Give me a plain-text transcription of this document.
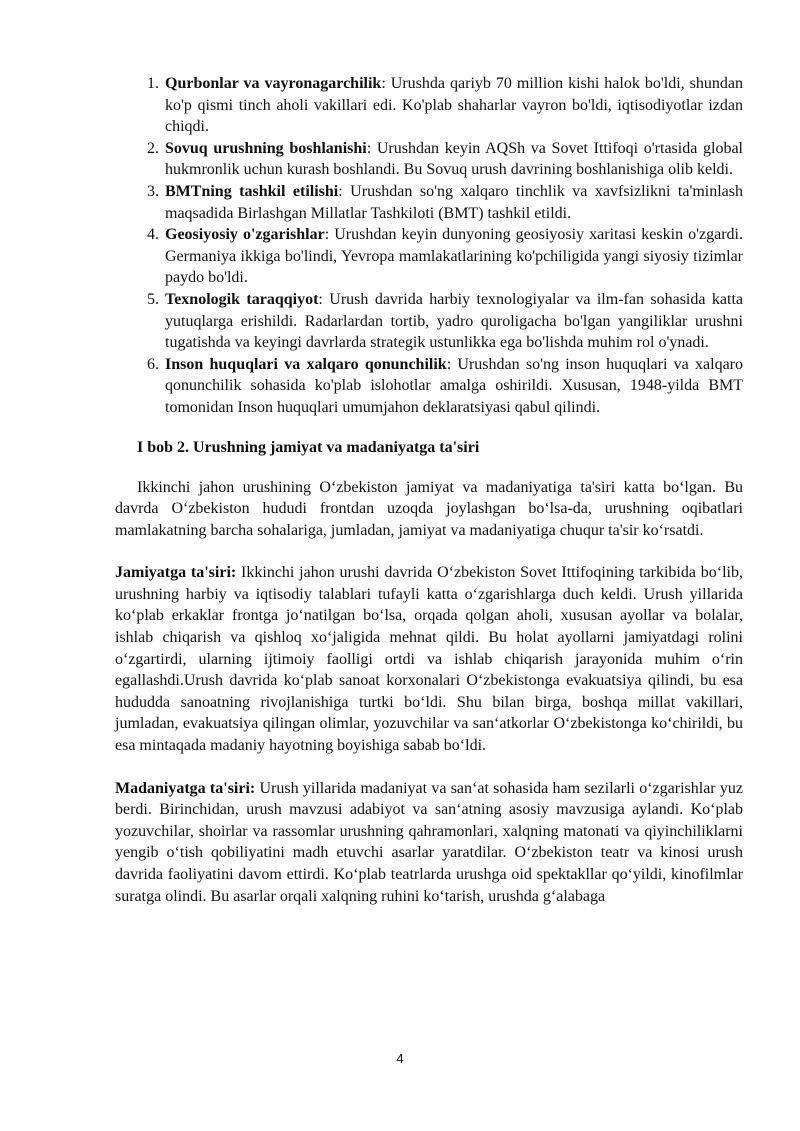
1. Qurbonlar va vayronagarchilik: Urushda qariyb 70 million kishi halok bo'ldi, shundan ko'p qismi tinch aholi vakillari edi. Ko'plab shaharlar vayron bo'ldi, iqtisodiyotlar izdan chiqdi.
2. Sovuq urushning boshlanishi: Urushdan keyin AQSh va Sovet Ittifoqi o'rtasida global hukmronlik uchun kurash boshlandi. Bu Sovuq urush davrining boshlanishiga olib keldi.
3. BMTning tashkil etilishi: Urushdan so'ng xalqaro tinchlik va xavfsizlikni ta'minlash maqsadida Birlashgan Millatlar Tashkiloti (BMT) tashkil etildi.
4. Geosiyosiy o'zgarishlar: Urushdan keyin dunyoning geosiyosiy xaritasi keskin o'zgardi. Germaniya ikkiga bo'lindi, Yevropa mamlakatlarining ko'pchiligida yangi siyosiy tizimlar paydo bo'ldi.
5. Texnologik taraqqiyot: Urush davrida harbiy texnologiyalar va ilm-fan sohasida katta yutuqlarga erishildi. Radarlardan tortib, yadro quroligacha bo'lgan yangiliklar urushni tugatishda va keyingi davrlarda strategik ustunlikka ega bo'lishda muhim rol o'ynadi.
6. Inson huquqlari va xalqaro qonunchilik: Urushdan so'ng inson huquqlari va xalqaro qonunchilik sohasida ko'plab islohotlar amalga oshirildi. Xususan, 1948-yilda BMT tomonidan Inson huquqlari umumjahon deklaratsiyasi qabul qilindi.
I bob 2. Urushning jamiyat va madaniyatga ta'siri

Ikkinchi jahon urushining O‘zbekiston jamiyat va madaniyatiga ta'siri katta bo‘lgan. Bu davrda O‘zbekiston hududi frontdan uzoqda joylashgan bo‘lsa-da, urushning oqibatlari mamlakatning barcha sohalariga, jumladan, jamiyat va madaniyatiga chuqur ta'sir ko‘rsatdi.

Jamiyatga ta'siri: Ikkinchi jahon urushi davrida O‘zbekiston Sovet Ittifoqining tarkibida bo‘lib, urushning harbiy va iqtisodiy talablari tufayli katta o‘zgarishlarga duch keldi. Urush yillarida ko‘plab erkaklar frontga jo‘natilgan bo‘lsa, orqada qolgan aholi, xususan ayollar va bolalar, ishlab chiqarish va qishloq xo‘jaligida mehnat qildi. Bu holat ayollarni jamiyatdagi rolini o‘zgartirdi, ularning ijtimoiy faolligi ortdi va ishlab chiqarish jarayonida muhim o‘rin egallashdi.Urush davrida ko‘plab sanoat korxonalari O‘zbekistonga evakuatsiya qilindi, bu esa hududda sanoatning rivojlanishiga turtki bo‘ldi. Shu bilan birga, boshqa millat vakillari, jumladan, evakuatsiya qilingan olimlar, yozuvchilar va san‘atkorlar O‘zbekistonga ko‘chirildi, bu esa mintaqada madaniy hayotning boyishiga sabab bo‘ldi.

Madaniyatga ta'siri: Urush yillarida madaniyat va san‘at sohasida ham sezilarli o‘zgarishlar yuz berdi. Birinchidan, urush mavzusi adabiyot va san‘atning asosiy mavzusiga aylandi. Ko‘plab yozuvchilar, shoirlar va rassomlar urushning qahramonlari, xalqning matonati va qiyinchiliklarni yengib o‘tish qobiliyatini madh etuvchi asarlar yaratdilar. O‘zbekiston teatr va kinosi urush davrida faoliyatini davom ettirdi. Ko‘plab teatrlarda urushga oid spektakllar qo‘yildi, kinofilmlar suratga olindi. Bu asarlar orqali xalqning ruhini ko‘tarish, urushda g‘alabaga

4
